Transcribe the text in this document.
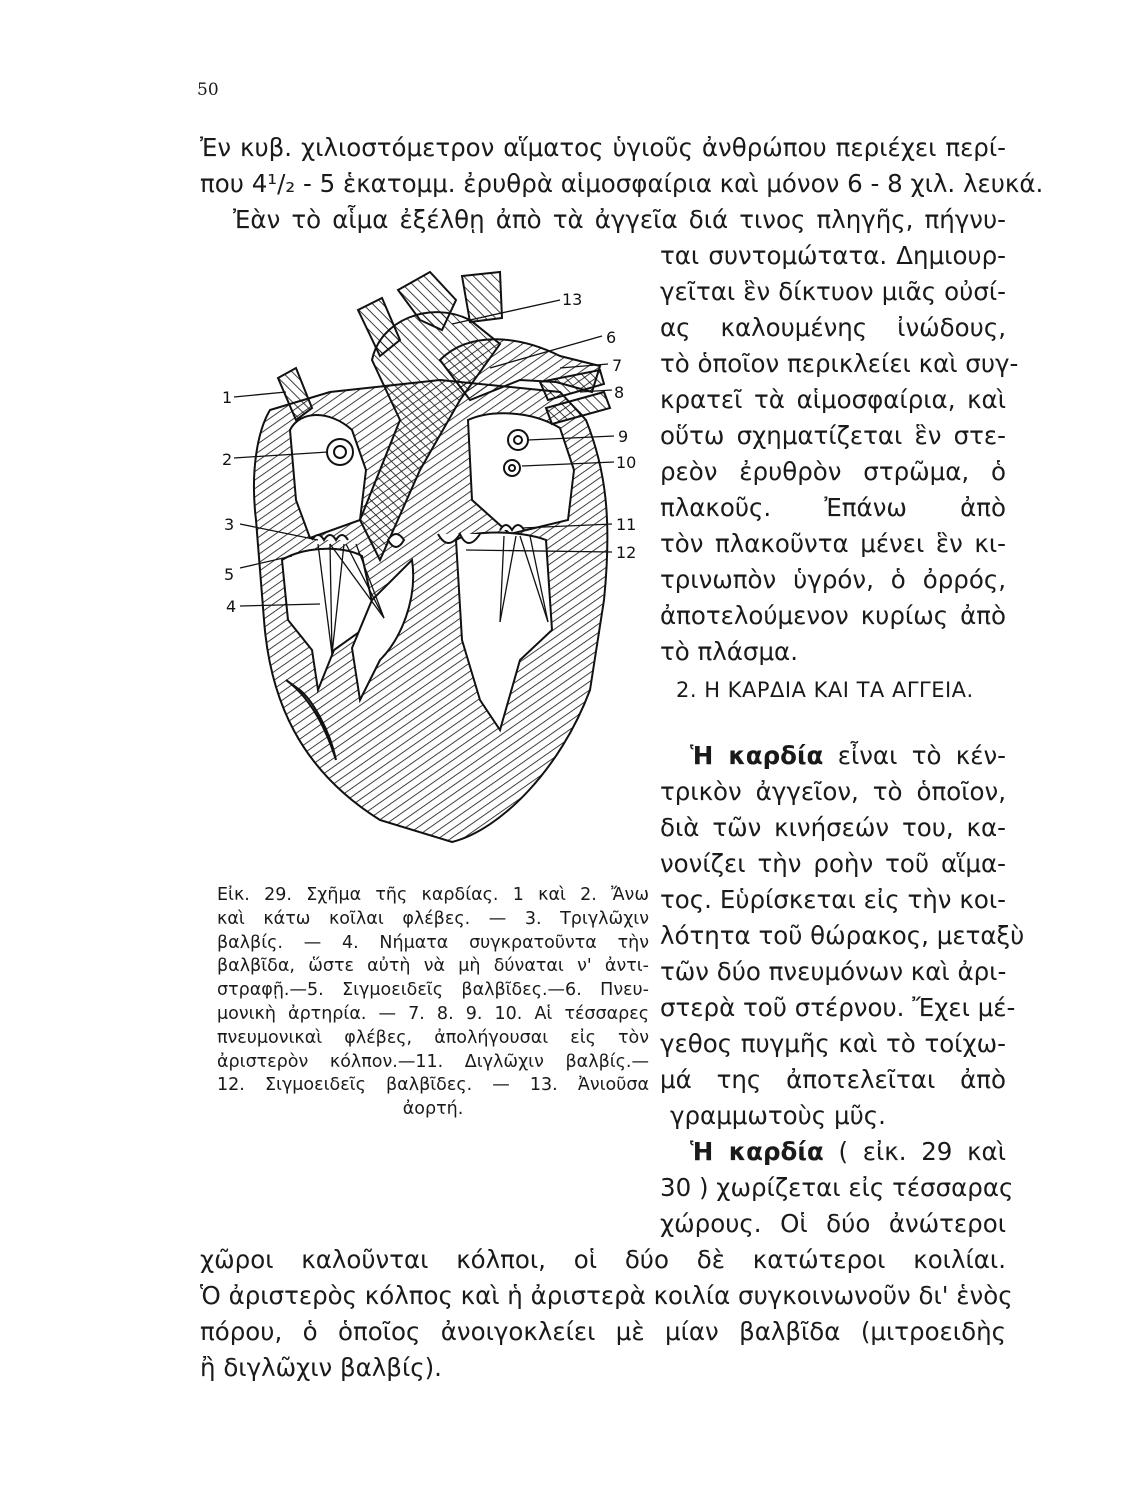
50
Ἐν κυβ. χιλιοστόμετρον αἵματος ὑγιοῦς ἀνθρώπου περιέχει περί-
που 4¹/₂ - 5 ἑκατομμ. ἐρυθρὰ αἱμοσφαίρια καὶ μόνον 6 - 8 χιλ. λευκά.
Ἐὰν τὸ αἷμα ἐξέλθῃ ἀπὸ τὰ ἀγγεῖα διά τινος πληγῆς, πήγνυ-
ται συντομώτατα. Δημιουρ-
γεῖται ἓν δίκτυον μιᾶς οὐσί-
ας καλουμένης ἰνώδους,
τὸ ὁποῖον περικλείει καὶ συγ-
κρατεῖ τὰ αἱμοσφαίρια, καὶ
οὕτω σχηματίζεται ἓν στε-
ρεὸν ἐρυθρὸν στρῶμα, ὁ
πλακοῦς. Ἐπάνω ἀπὸ
τὸν πλακοῦντα μένει ἓν κι-
τρινωπὸν ὑγρόν, ὁ ὀρρός,
ἀποτελούμενον κυρίως ἀπὸ
τὸ πλάσμα.
2. Η ΚΑΡΔΙΑ ΚΑΙ ΤΑ ΑΓΓΕΙΑ.
Ἡ καρδία εἶναι τὸ κέν-
τρικὸν ἀγγεῖον, τὸ ὁποῖον,
διὰ τῶν κινήσεών του, κα-
νονίζει τὴν ροὴν τοῦ αἵμα-
τος. Εὑρίσκεται εἰς τὴν κοι-
λότητα τοῦ θώρακος, μεταξὺ
τῶν δύο πνευμόνων καὶ ἀρι-
στερὰ τοῦ στέρνου. Ἔχει μέ-
γεθος πυγμῆς καὶ τὸ τοίχω-
μά της ἀποτελεῖται ἀπὸ
γραμμωτοὺς μῦς.
Ἡ καρδία ( εἰκ. 29 καὶ
30 ) χωρίζεται εἰς τέσσαρας
χώρους. Οἱ δύο ἀνώτεροι
χῶροι καλοῦνται κόλποι, οἱ δύο δὲ κατώτεροι κοιλίαι.
Ὁ ἀριστερὸς κόλπος καὶ ἡ ἀριστερὰ κοιλία συγκοινωνοῦν δι' ἑνὸς
πόρου, ὁ ὁποῖος ἀνοιγοκλείει μὲ μίαν βαλβῖδα (μιτροειδὴς
ἢ διγλῶχιν βαλβίς).
Εἰκ. 29. Σχῆμα τῆς καρδίας. 1 καὶ 2. Ἄνω
καὶ κάτω κοῖλαι φλέβες. — 3. Τριγλῶχιν
βαλβίς. — 4. Νήματα συγκρατοῦντα τὴν
βαλβῖδα, ὥστε αὐτὴ νὰ μὴ δύναται ν' ἀντι-
στραφῇ.—5. Σιγμοειδεῖς βαλβῖδες.—6. Πνευ-
μονικὴ ἀρτηρία. — 7. 8. 9. 10. Αἱ τέσσαρες
πνευμονικαὶ φλέβες, ἀπολήγουσαι εἰς τὸν
ἀριστερὸν κόλπον.—11. Διγλῶχιν βαλβίς.—
12. Σιγμοειδεῖς βαλβῖδες. — 13. Ἀνιοῦσα
ἀορτή.
1
2
3
5
4
13
6
7
8
9
10
11
12
